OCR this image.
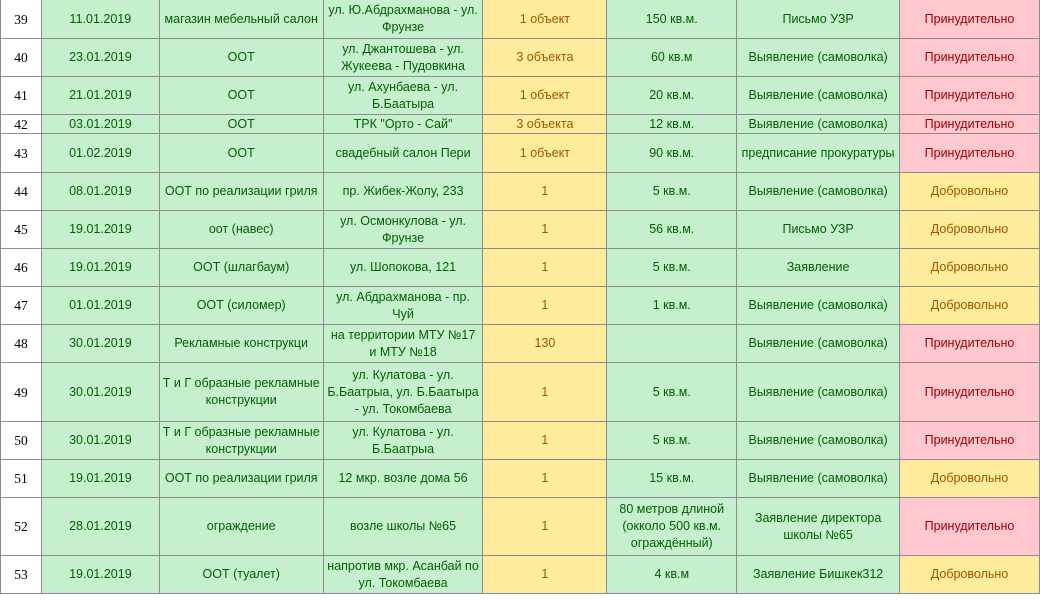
39	11.01.2019	магазин мебельный салон	ул. Ю.Абдрахманова - ул. Фрунзе	1 объект	150 кв.м.	Письмо УЗР	Принудительно
40	23.01.2019	ООТ	ул. Джантошева - ул. Жукеева - Пудовкина	3 объекта	60 кв.м	Выявление (самоволка)	Принудительно
41	21.01.2019	ООТ	ул. Ахунбаева - ул. Б.Баатыра	1 объект	20 кв.м.	Выявление (самоволка)	Принудительно
42	03.01.2019	ООТ	ТРК "Орто - Сай"	3 объекта	12 кв.м.	Выявление (самоволка)	Принудительно
43	01.02.2019	ООТ	свадебный салон Пери	1 объект	90 кв.м.	предписание прокуратуры	Принудительно
44	08.01.2019	ООТ по реализации гриля	пр. Жибек-Жолу, 233	1	5 кв.м.	Выявление (самоволка)	Добровольно
45	19.01.2019	оот (навес)	ул. Осмонкулова - ул. Фрунзе	1	56 кв.м.	Письмо УЗР	Добровольно
46	19.01.2019	ООТ (шлагбаум)	ул. Шопокова, 121	1	5 кв.м.	Заявление	Добровольно
47	01.01.2019	ООТ (силомер)	ул. Абдрахманова - пр. Чуй	1	1 кв.м.	Выявление (самоволка)	Добровольно
48	30.01.2019	Рекламные конструкци	на территории МТУ №17 и МТУ №18	130		Выявление (самоволка)	Принудительно
49	30.01.2019	Т и Г образные рекламные конструкции	ул. Кулатова - ул. Б.Баатрыа, ул. Б.Баатыра - ул. Токомбаева	1	5 кв.м.	Выявление (самоволка)	Принудительно
50	30.01.2019	Т и Г образные рекламные конструкции	ул. Кулатова - ул. Б.Баатрыа	1	5 кв.м.	Выявление (самоволка)	Принудительно
51	19.01.2019	ООТ по реализации гриля	12 мкр. возле дома 56	1	15 кв.м.	Выявление (самоволка)	Добровольно
52	28.01.2019	ограждение	возле школы №65	1	80 метров длиной (окколо 500 кв.м. ограждённый)	Заявление директора школы №65	Принудительно
53	19.01.2019	ООТ (туалет)	напротив мкр. Асанбай по ул. Токомбаева	1	4 кв.м	Заявление Бишкек312	Добровольно
